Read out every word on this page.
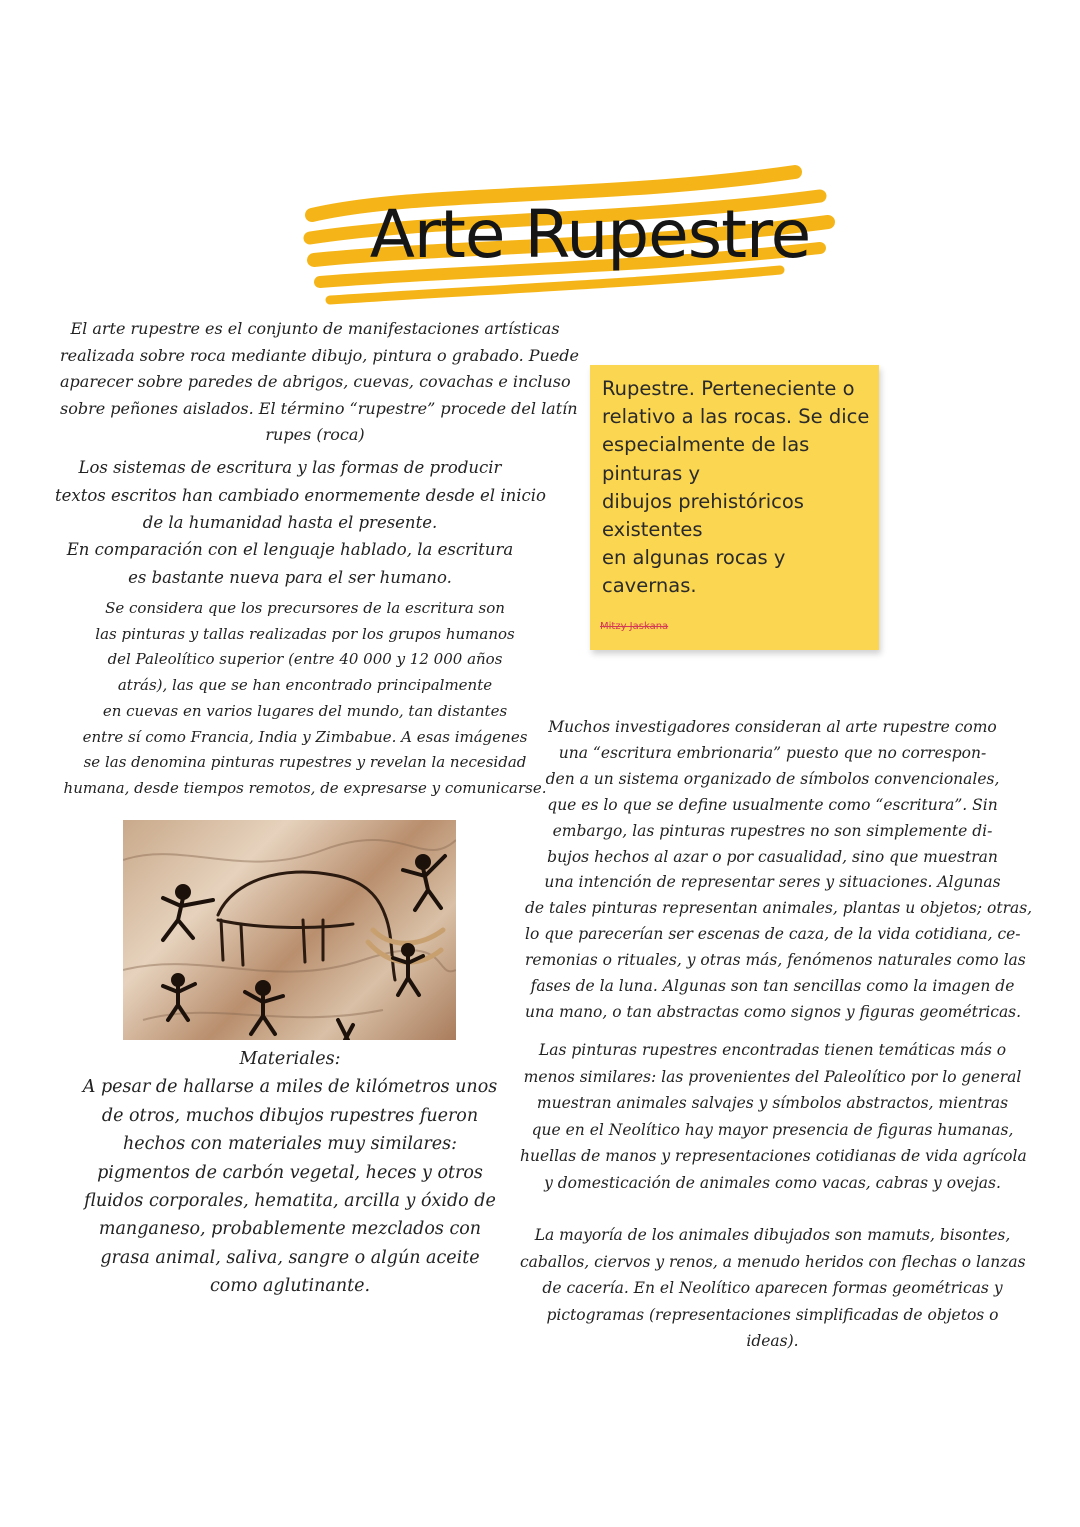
Arte Rupestre
El arte rupestre es el conjunto de manifestaciones artísticas
realizada sobre roca mediante dibujo, pintura o grabado. Puede
aparecer sobre paredes de abrigos, cuevas, covachas e incluso
sobre peñones aislados. El término “rupestre” procede del latín
rupes (roca)
Los sistemas de escritura y las formas de producir
textos escritos han cambiado enormemente desde el inicio
de la humanidad hasta el presente.
En comparación con el lenguaje hablado, la escritura
es bastante nueva para el ser humano.
Se considera que los precursores de la escritura son
las pinturas y tallas realizadas por los grupos humanos
del Paleolítico superior (entre 40 000 y 12 000 años
atrás), las que se han encontrado principalmente
en cuevas en varios lugares del mundo, tan distantes
entre sí como Francia, India y Zimbabue. A esas imágenes
se las denomina pinturas rupestres y revelan la necesidad
humana, desde tiempos remotos, de expresarse y comunicarse.
Rupestre. Perteneciente o
relativo a las rocas. Se dice
especialmente de las
pinturas y
dibujos prehistóricos
existentes
en algunas rocas y
cavernas.
Mitzy Jaskana
Materiales:
A pesar de hallarse a miles de kilómetros unos
de otros, muchos dibujos rupestres fueron
hechos con materiales muy similares:
pigmentos de carbón vegetal, heces y otros
fluidos corporales, hematita, arcilla y óxido de
manganeso, probablemente mezclados con
grasa animal, saliva, sangre o algún aceite
como aglutinante.
Muchos investigadores consideran al arte rupestre como
una “escritura embrionaria” puesto que no correspon-
den a un sistema organizado de símbolos convencionales,
que es lo que se define usualmente como “escritura”. Sin
embargo, las pinturas rupestres no son simplemente di-
bujos hechos al azar o por casualidad, sino que muestran
una intención de representar seres y situaciones. Algunas
de tales pinturas representan animales, plantas u objetos; otras,
lo que parecerían ser escenas de caza, de la vida cotidiana, ce-
remonias o rituales, y otras más, fenómenos naturales como las
fases de la luna. Algunas son tan sencillas como la imagen de
una mano, o tan abstractas como signos y figuras geométricas.
Las pinturas rupestres encontradas tienen temáticas más o
menos similares: las provenientes del Paleolítico por lo general
muestran animales salvajes y símbolos abstractos, mientras
que en el Neolítico hay mayor presencia de figuras humanas,
huellas de manos y representaciones cotidianas de vida agrícola
y domesticación de animales como vacas, cabras y ovejas.
La mayoría de los animales dibujados son mamuts, bisontes,
caballos, ciervos y renos, a menudo heridos con flechas o lanzas
de cacería. En el Neolítico aparecen formas geométricas y
pictogramas (representaciones simplificadas de objetos o
ideas).
